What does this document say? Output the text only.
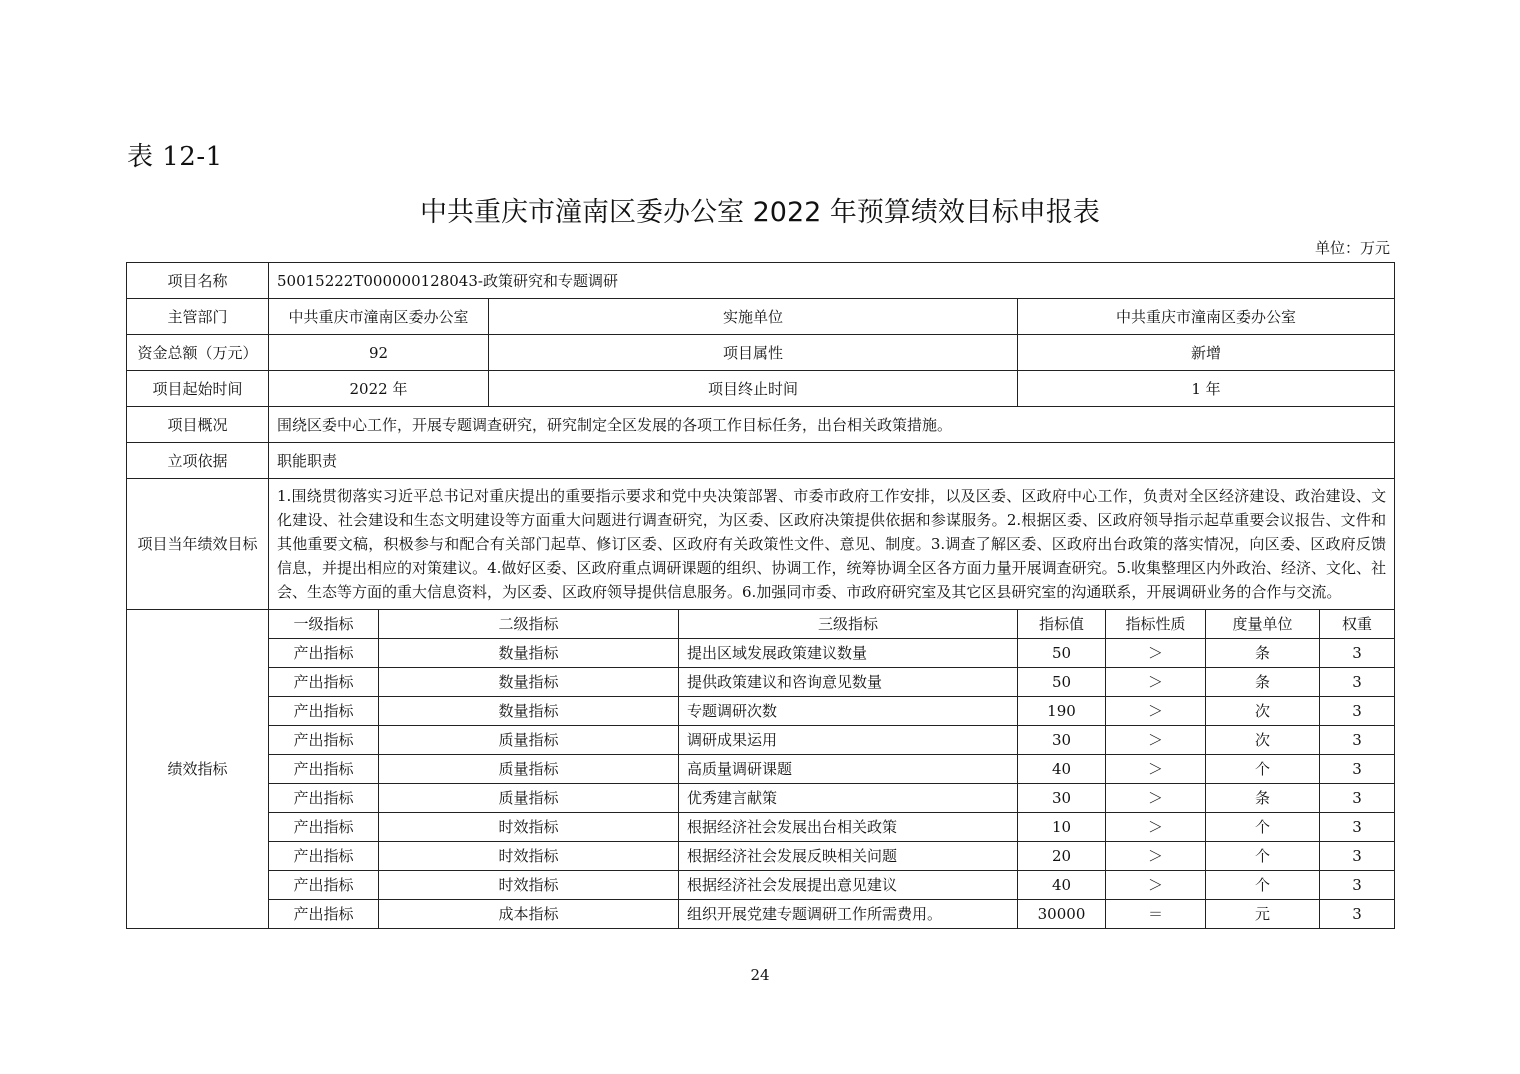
表 12-1
中共重庆市潼南区委办公室 2022 年预算绩效目标申报表
单位：万元
项目名称	50015222T000000128043-政策研究和专题调研							
主管部门	中共重庆市潼南区委办公室		实施单位		中共重庆市潼南区委办公室			
资金总额（万元）	92		项目属性		新增			
项目起始时间	2022 年		项目终止时间		1 年			
项目概况	围绕区委中心工作，开展专题调查研究，研究制定全区发展的各项工作目标任务，出台相关政策措施。							
立项依据	职能职责							
项目当年绩效目标	1.围绕贯彻落实习近平总书记对重庆提出的重要指示要求和党中央决策部署、市委市政府工作安排，以及区委、区政府中心工作，负责对全区经济建设、政治建设、文化建设、社会建设和生态文明建设等方面重大问题进行调查研究，为区委、区政府决策提供依据和参谋服务。2.根据区委、区政府领导指示起草重要会议报告、文件和其他重要文稿，积极参与和配合有关部门起草、修订区委、区政府有关政策性文件、意见、制度。3.调查了解区委、区政府出台政策的落实情况，向区委、区政府反馈信息，并提出相应的对策建议。4.做好区委、区政府重点调研课题的组织、协调工作，统筹协调全区各方面力量开展调查研究。5.收集整理区内外政治、经济、文化、社会、生态等方面的重大信息资料，为区委、区政府领导提供信息服务。6.加强同市委、市政府研究室及其它区县研究室的沟通联系，开展调研业务的合作与交流。							
绩效指标	一级指标	二级指标		三级指标	指标值	指标性质	度量单位	权重
	产出指标	数量指标		提出区域发展政策建议数量	50	＞	条	3
	产出指标	数量指标		提供政策建议和咨询意见数量	50	＞	条	3
	产出指标	数量指标		专题调研次数	190	＞	次	3
	产出指标	质量指标		调研成果运用	30	＞	次	3
	产出指标	质量指标		高质量调研课题	40	＞	个	3
	产出指标	质量指标		优秀建言献策	30	＞	条	3
	产出指标	时效指标		根据经济社会发展出台相关政策	10	＞	个	3
	产出指标	时效指标		根据经济社会发展反映相关问题	20	＞	个	3
	产出指标	时效指标		根据经济社会发展提出意见建议	40	＞	个	3
	产出指标	成本指标		组织开展党建专题调研工作所需费用。	30000	＝	元	3
24
